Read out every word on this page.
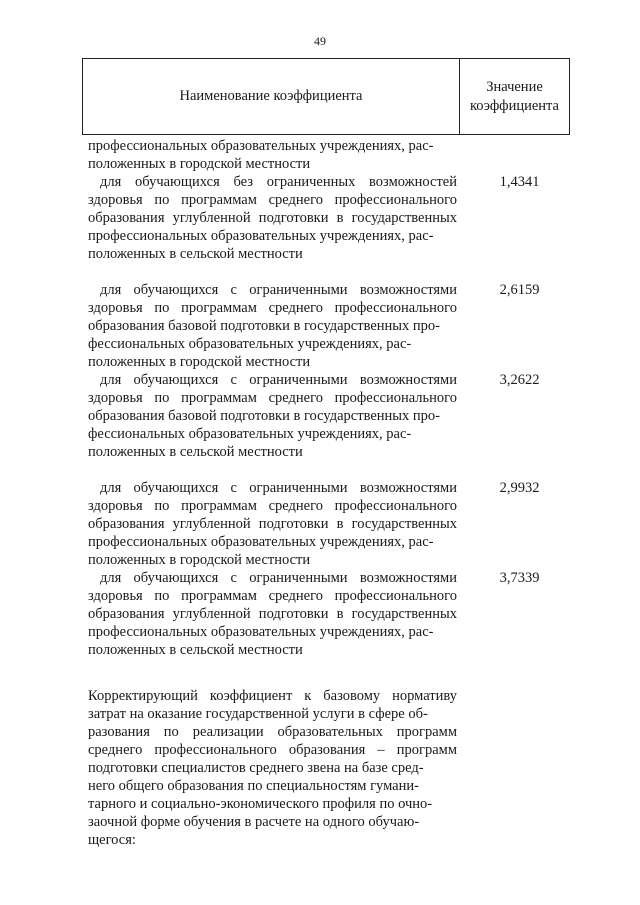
49
Наименование коэффициента
Значение
коэффициента
профессиональных образовательных учреждениях, рас-
положенных в городской местности
для обучающихся без ограниченных возможностей здоровья по программам среднего профессионального образования углубленной подготовки в государственных профессиональных образовательных учреждениях, рас-
положенных в сельской местности
1,4341
для обучающихся с ограниченными возможностями здоровья по программам среднего профессионального образования базовой подготовки в государственных про-
фессиональных образовательных учреждениях, рас-
положенных в городской местности
2,6159
для обучающихся с ограниченными возможностями здоровья по программам среднего профессионального образования базовой подготовки в государственных про-
фессиональных образовательных учреждениях, рас-
положенных в сельской местности
3,2622
для обучающихся с ограниченными возможностями здоровья по программам среднего профессионального образования углубленной подготовки в государственных профессиональных образовательных учреждениях, рас-
положенных в городской местности
2,9932
для обучающихся с ограниченными возможностями здоровья по программам среднего профессионального образования углубленной подготовки в государственных профессиональных образовательных учреждениях, рас-
положенных в сельской местности
3,7339
Корректирующий коэффициент к базовому нормативу затрат на оказание государственной услуги в сфере об-
разования по реализации образовательных программ среднего профессионального образования – программ подготовки специалистов среднего звена на базе сред-
него общего образования по специальностям гумани-
тарного и социально-экономического профиля по очно-
заочной форме обучения в расчете на одного обучаю-
щегося:
